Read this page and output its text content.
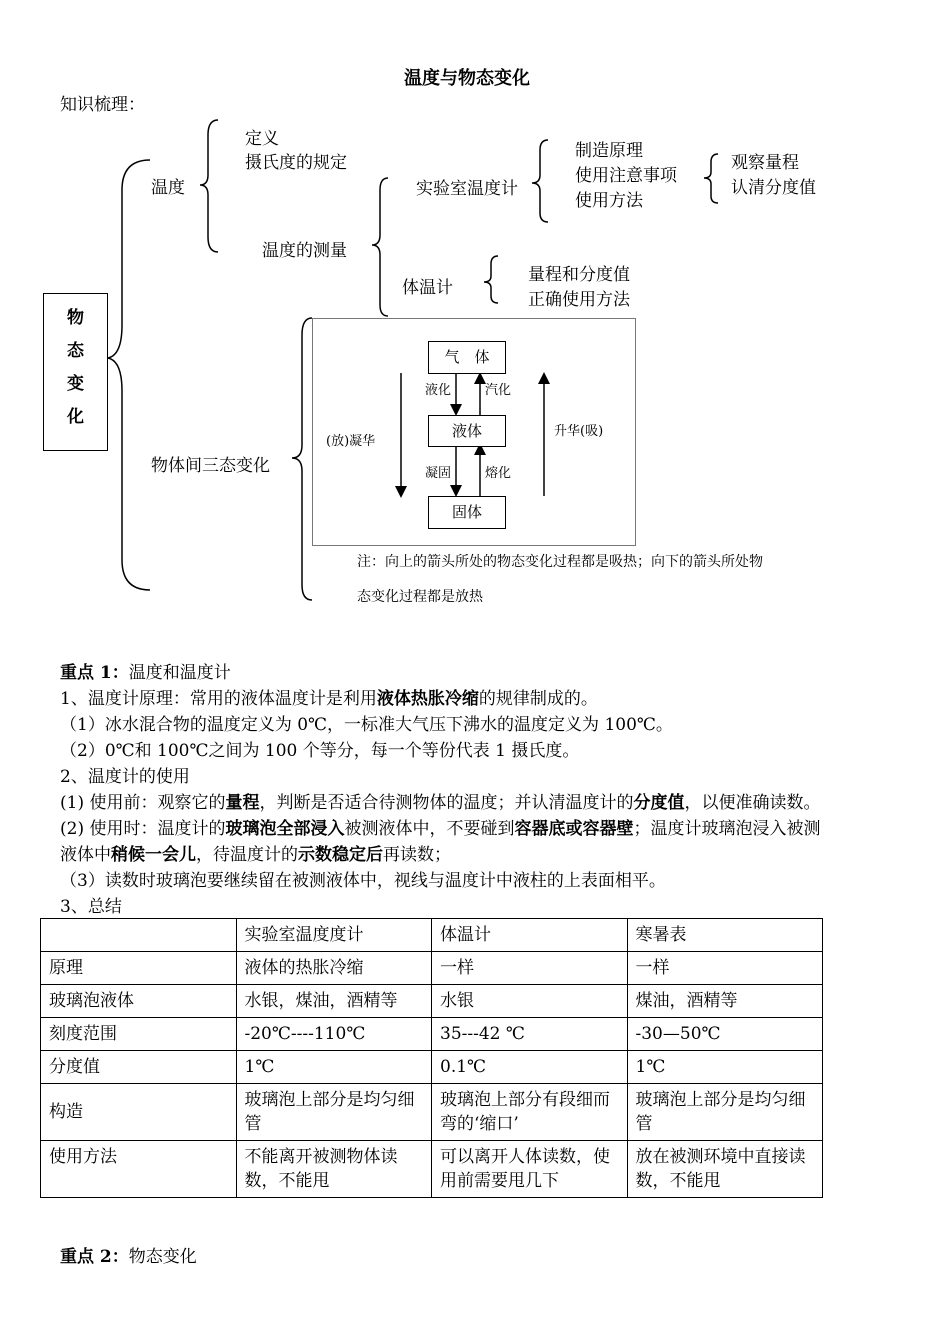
温度与物态变化
知识梳理：
物
态
变
化
温度
定义
摄氏度的规定
温度的测量
实验室温度计
制造原理
使用注意事项
使用方法
观察量程
认清分度值
体温计
量程和分度值
正确使用方法
物体间三态变化
气　体
液体
固体
液化	汽化
凝固	熔化
(放)凝华
升华(吸)
注：向上的箭头所处的物态变化过程都是吸热；向下的箭头所处物
态变化过程都是放热
重点 1：温度和温度计
1、温度计原理：常用的液体温度计是利用液体热胀冷缩的规律制成的。
（1）冰水混合物的温度定义为 0℃，一标准大气压下沸水的温度定义为 100℃。
（2）0℃和 100℃之间为 100 个等分，每一个等份代表 1 摄氏度。
2、温度计的使用
(1) 使用前：观察它的量程，判断是否适合待测物体的温度；并认清温度计的分度值，以便准确读数。
(2) 使用时：温度计的玻璃泡全部浸入被测液体中，不要碰到容器底或容器壁；温度计玻璃泡浸入被测
液体中稍候一会儿，待温度计的示数稳定后再读数；
（3）读数时玻璃泡要继续留在被测液体中，视线与温度计中液柱的上表面相平。
3、总结
	实验室温度度计	体温计	寒暑表
原理	液体的热胀冷缩	一样	一样
玻璃泡液体	水银，煤油，酒精等	水银	煤油，酒精等
刻度范围	-20℃----110℃	35---42 ℃	-30—50℃
分度值	1℃	0.1℃	1℃
构造	玻璃泡上部分是均匀细管	玻璃泡上部分有段细而弯的‘缩口’	玻璃泡上部分是均匀细管
使用方法	不能离开被测物体读数，不能甩	可以离开人体读数，使用前需要甩几下	放在被测环境中直接读数，不能甩
重点 2：物态变化
